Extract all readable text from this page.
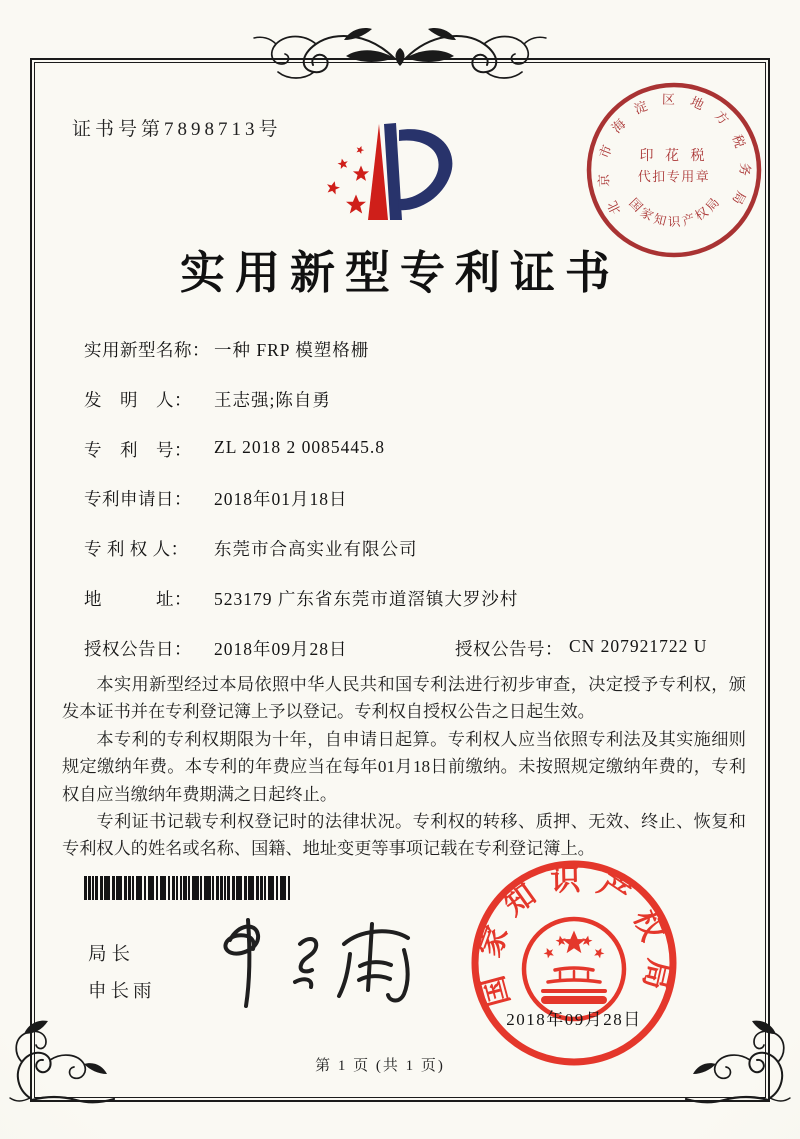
证书号第7898713号
实用新型专利证书
实用新型名称： 一种 FRP 模塑格栅
发　明　人：	王志强;陈自勇
专　利　号：	ZL 2018 2 0085445.8
专利申请日：	2018年01月18日
专 利 权 人：	东莞市合高实业有限公司
地　　　址：	523179 广东省东莞市道滘镇大罗沙村
授权公告日：	2018年09月28日	授权公告号： CN 207921722 U

本实用新型经过本局依照中华人民共和国专利法进行初步审查，决定授予专利权，颁发本证书并在专利登记簿上予以登记。专利权自授权公告之日起生效。

本专利的专利权期限为十年，自申请日起算。专利权人应当依照专利法及其实施细则规定缴纳年费。本专利的年费应当在每年01月18日前缴纳。未按照规定缴纳年费的，专利权自应当缴纳年费期满之日起终止。

专利证书记载专利权登记时的法律状况。专利权的转移、质押、无效、终止、恢复和专利权人的姓名或名称、国籍、地址变更等事项记载在专利登记簿上。

局长
申长雨
北京市海淀区地方税务局
印 花 税
代扣专用章
国家知识产权局
国家知识产权局
2018年09月28日
第 1 页 (共 1 页)
